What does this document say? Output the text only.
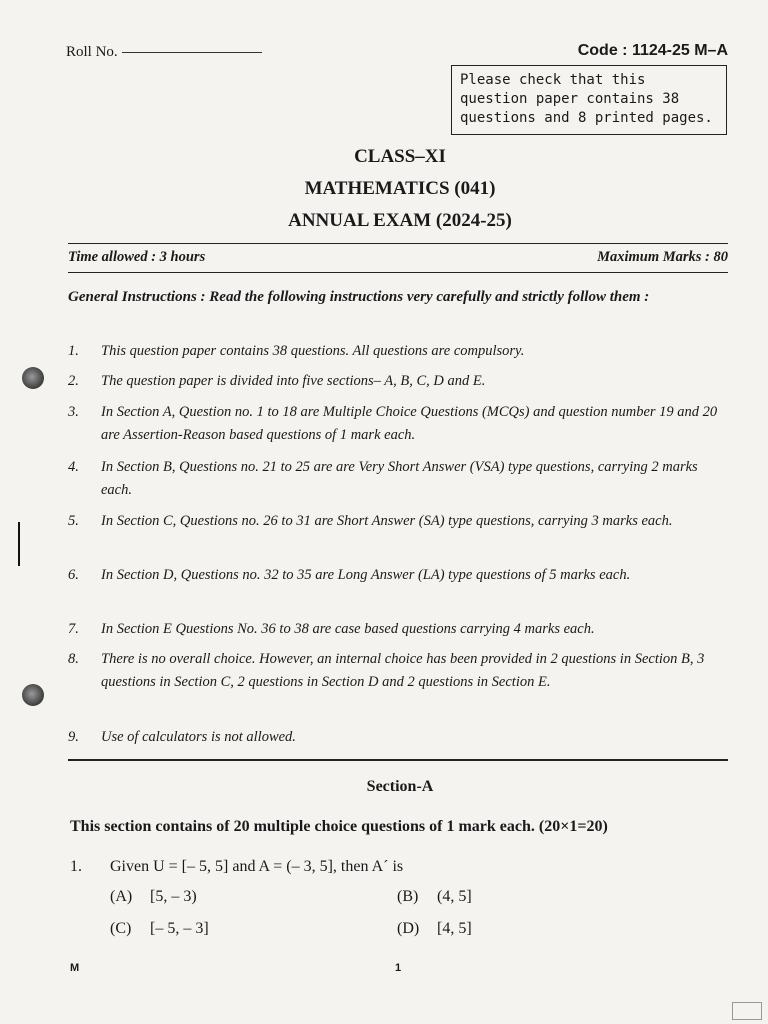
Roll No.	Code : 1124-25 M–A
Please check that this question paper contains 38 questions and 8 printed pages.
CLASS–XI
MATHEMATICS (041)
ANNUAL EXAM (2024-25)
Time allowed : 3 hours	Maximum Marks : 80
General Instructions : Read the following instructions very carefully and strictly follow them :
1. This question paper contains 38 questions. All questions are compulsory.
2. The question paper is divided into five sections– A, B, C, D and E.
3. In Section A, Question no. 1 to 18 are Multiple Choice Questions (MCQs) and question number 19 and 20 are Assertion-Reason based questions of 1 mark each.
4. In Section B, Questions no. 21 to 25 are are Very Short Answer (VSA) type questions, carrying 2 marks each.
5. In Section C, Questions no. 26 to 31 are Short Answer (SA) type questions, carrying 3 marks each.
6. In Section D, Questions no. 32 to 35 are Long Answer (LA) type questions of 5 marks each.
7. In Section E Questions No. 36 to 38 are case based questions carrying 4 marks each.
8. There is no overall choice. However, an internal choice has been provided in 2 questions in Section B, 3 questions in Section C, 2 questions in Section D and 2 questions in Section E.
9. Use of calculators is not allowed.
Section-A
This section contains of 20 multiple choice questions of 1 mark each. (20×1=20)
1. Given U = [– 5, 5] and A = (– 3, 5], then A´ is
(A) [5, – 3)	(B) (4, 5]
(C) [– 5, – 3]	(D) [4, 5]
M	1
